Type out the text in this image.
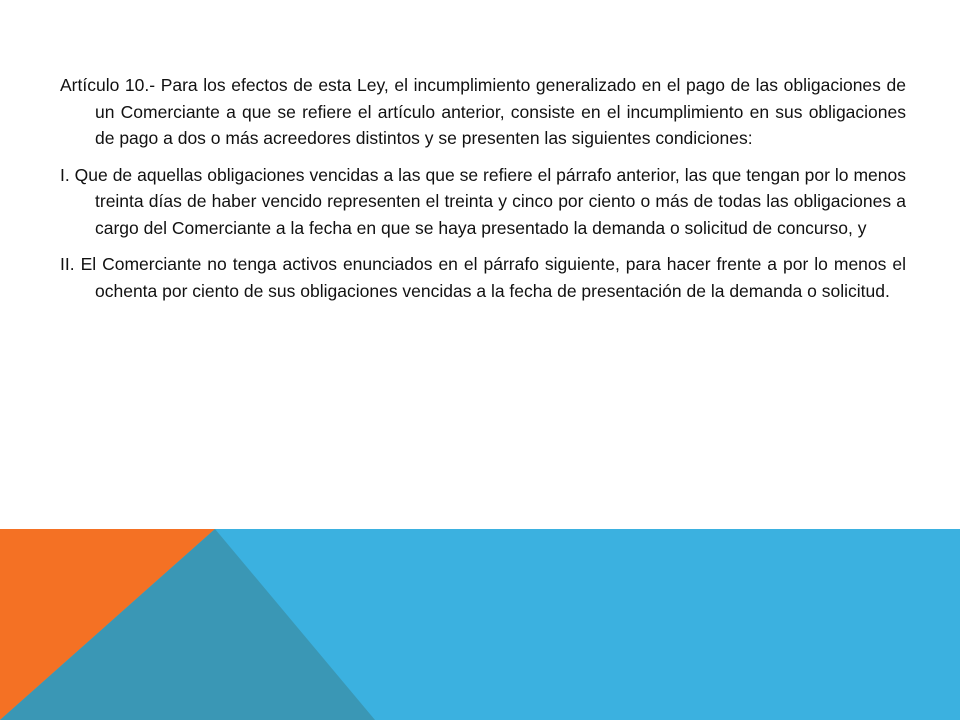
Artículo 10.- Para los efectos de esta Ley, el incumplimiento generalizado en el pago de las obligaciones de un Comerciante a que se refiere el artículo anterior, consiste en el incumplimiento en sus obligaciones de pago a dos o más acreedores distintos y se presenten las siguientes condiciones:

I. Que de aquellas obligaciones vencidas a las que se refiere el párrafo anterior, las que tengan por lo menos treinta días de haber vencido representen el treinta y cinco por ciento o más de todas las obligaciones a cargo del Comerciante a la fecha en que se haya presentado la demanda o solicitud de concurso, y

II. El Comerciante no tenga activos enunciados en el párrafo siguiente, para hacer frente a por lo menos el ochenta por ciento de sus obligaciones vencidas a la fecha de presentación de la demanda o solicitud.
